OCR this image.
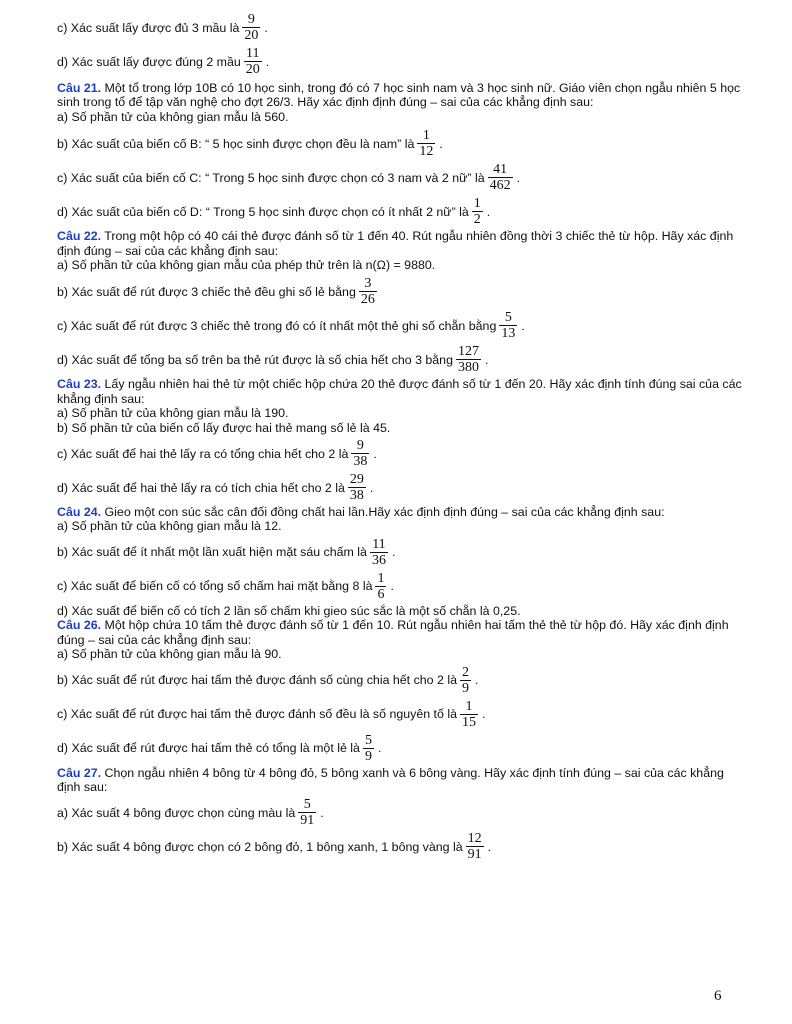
c) Xác suất lấy được đủ 3 mầu là $\frac{9}{20}$ .
d) Xác suất lấy được đúng 2 mầu $\frac{11}{20}$ .

Câu 21. Một tổ trong lớp 10B có 10 học sinh, trong đó có 7 học sinh nam và 3 học sinh nữ. Giáo viên chọn ngẫu nhiên 5 học sinh trong tổ để tập văn nghệ cho đợt 26/3. Hãy xác định định đúng – sai của các khẳng định sau:

a) Số phần tử của không gian mẫu là 560.

b) Xác suất của biến cố B: “ 5 học sinh được chọn đều là nam” là $\frac{1}{12}$ .
c) Xác suất của biến cố C: “ Trong 5 học sinh được chọn có 3 nam và 2 nữ” là $\frac{41}{462}$ .
d) Xác suất của biến cố D: “ Trong 5 học sinh được chọn có ít nhất 2 nữ” là $\frac{1}{2}$ .

Câu 22. Trong một hộp có 40 cái thẻ được đánh số từ 1 đến 40. Rút ngẫu nhiên đồng thời 3 chiếc thẻ từ hộp. Hãy xác định định đúng – sai của các khẳng định sau:

a) Số phần tử của không gian mẫu của phép thử trên là n(Ω) = 9880.

b) Xác suất để rút được 3 chiếc thẻ đều ghi số lẻ bằng $\frac{3}{26}$
c) Xác suất để rút được 3 chiếc thẻ trong đó có ít nhất một thẻ ghi số chẵn bằng $\frac{5}{13}$ .
d) Xác suất để tổng ba số trên ba thẻ rút được là số chia hết cho 3 bằng $\frac{127}{380}$ .

Câu 23. Lấy ngẫu nhiên hai thẻ từ một chiếc hộp chứa 20 thẻ được đánh số từ 1 đến 20. Hãy xác định tính đúng sai của các khẳng định sau:

a) Số phần tử của không gian mẫu là 190.

b) Số phần tử của biến cố lấy được hai thẻ mang số lẻ là 45.

c) Xác suất để hai thẻ lấy ra có tổng chia hết cho 2 là $\frac{9}{38}$ .
d) Xác suất để hai thẻ lấy ra có tích chia hết cho 2 là $\frac{29}{38}$ .

Câu 24. Gieo một con súc sắc cân đối đồng chất hai lần.Hãy xác định định đúng – sai của các khẳng định sau:

a) Số phần tử của không gian mẫu là 12.

b) Xác suất để ít nhất một lần xuất hiện mặt sáu chấm là $\frac{11}{36}$ .
c) Xác suất để biến cố có tổng số chấm hai mặt bằng 8 là $\frac{1}{6}$ .

d) Xác suất để biến cố có tích 2 lần số chấm khi gieo súc sắc là một số chẵn là 0,25.

Câu 26. Một hộp chứa 10 tấm thẻ được đánh số từ 1 đến 10. Rút ngẫu nhiên hai tấm thẻ thẻ từ hộp đó. Hãy xác định định đúng – sai của các khẳng định sau:

a) Số phần tử của không gian mẫu là 90.

b) Xác suất để rút được hai tấm thẻ được đánh số cùng chia hết cho 2 là $\frac{2}{9}$ .
c) Xác suất để rút được hai tấm thẻ được đánh số đều là số nguyên tố là $\frac{1}{15}$ .
d) Xác suất để rút được hai tấm thẻ có tổng là một lẻ là $\frac{5}{9}$ .

Câu 27. Chọn ngẫu nhiên 4 bông từ 4 bông đỏ, 5 bông xanh và 6 bông vàng. Hãy xác định tính đúng – sai của các khẳng định sau:

a) Xác suất 4 bông được chọn cùng màu là $\frac{5}{91}$ .
b) Xác suất 4 bông được chọn có 2 bông đỏ, 1 bông xanh, 1 bông vàng là $\frac{12}{91}$ .
6
